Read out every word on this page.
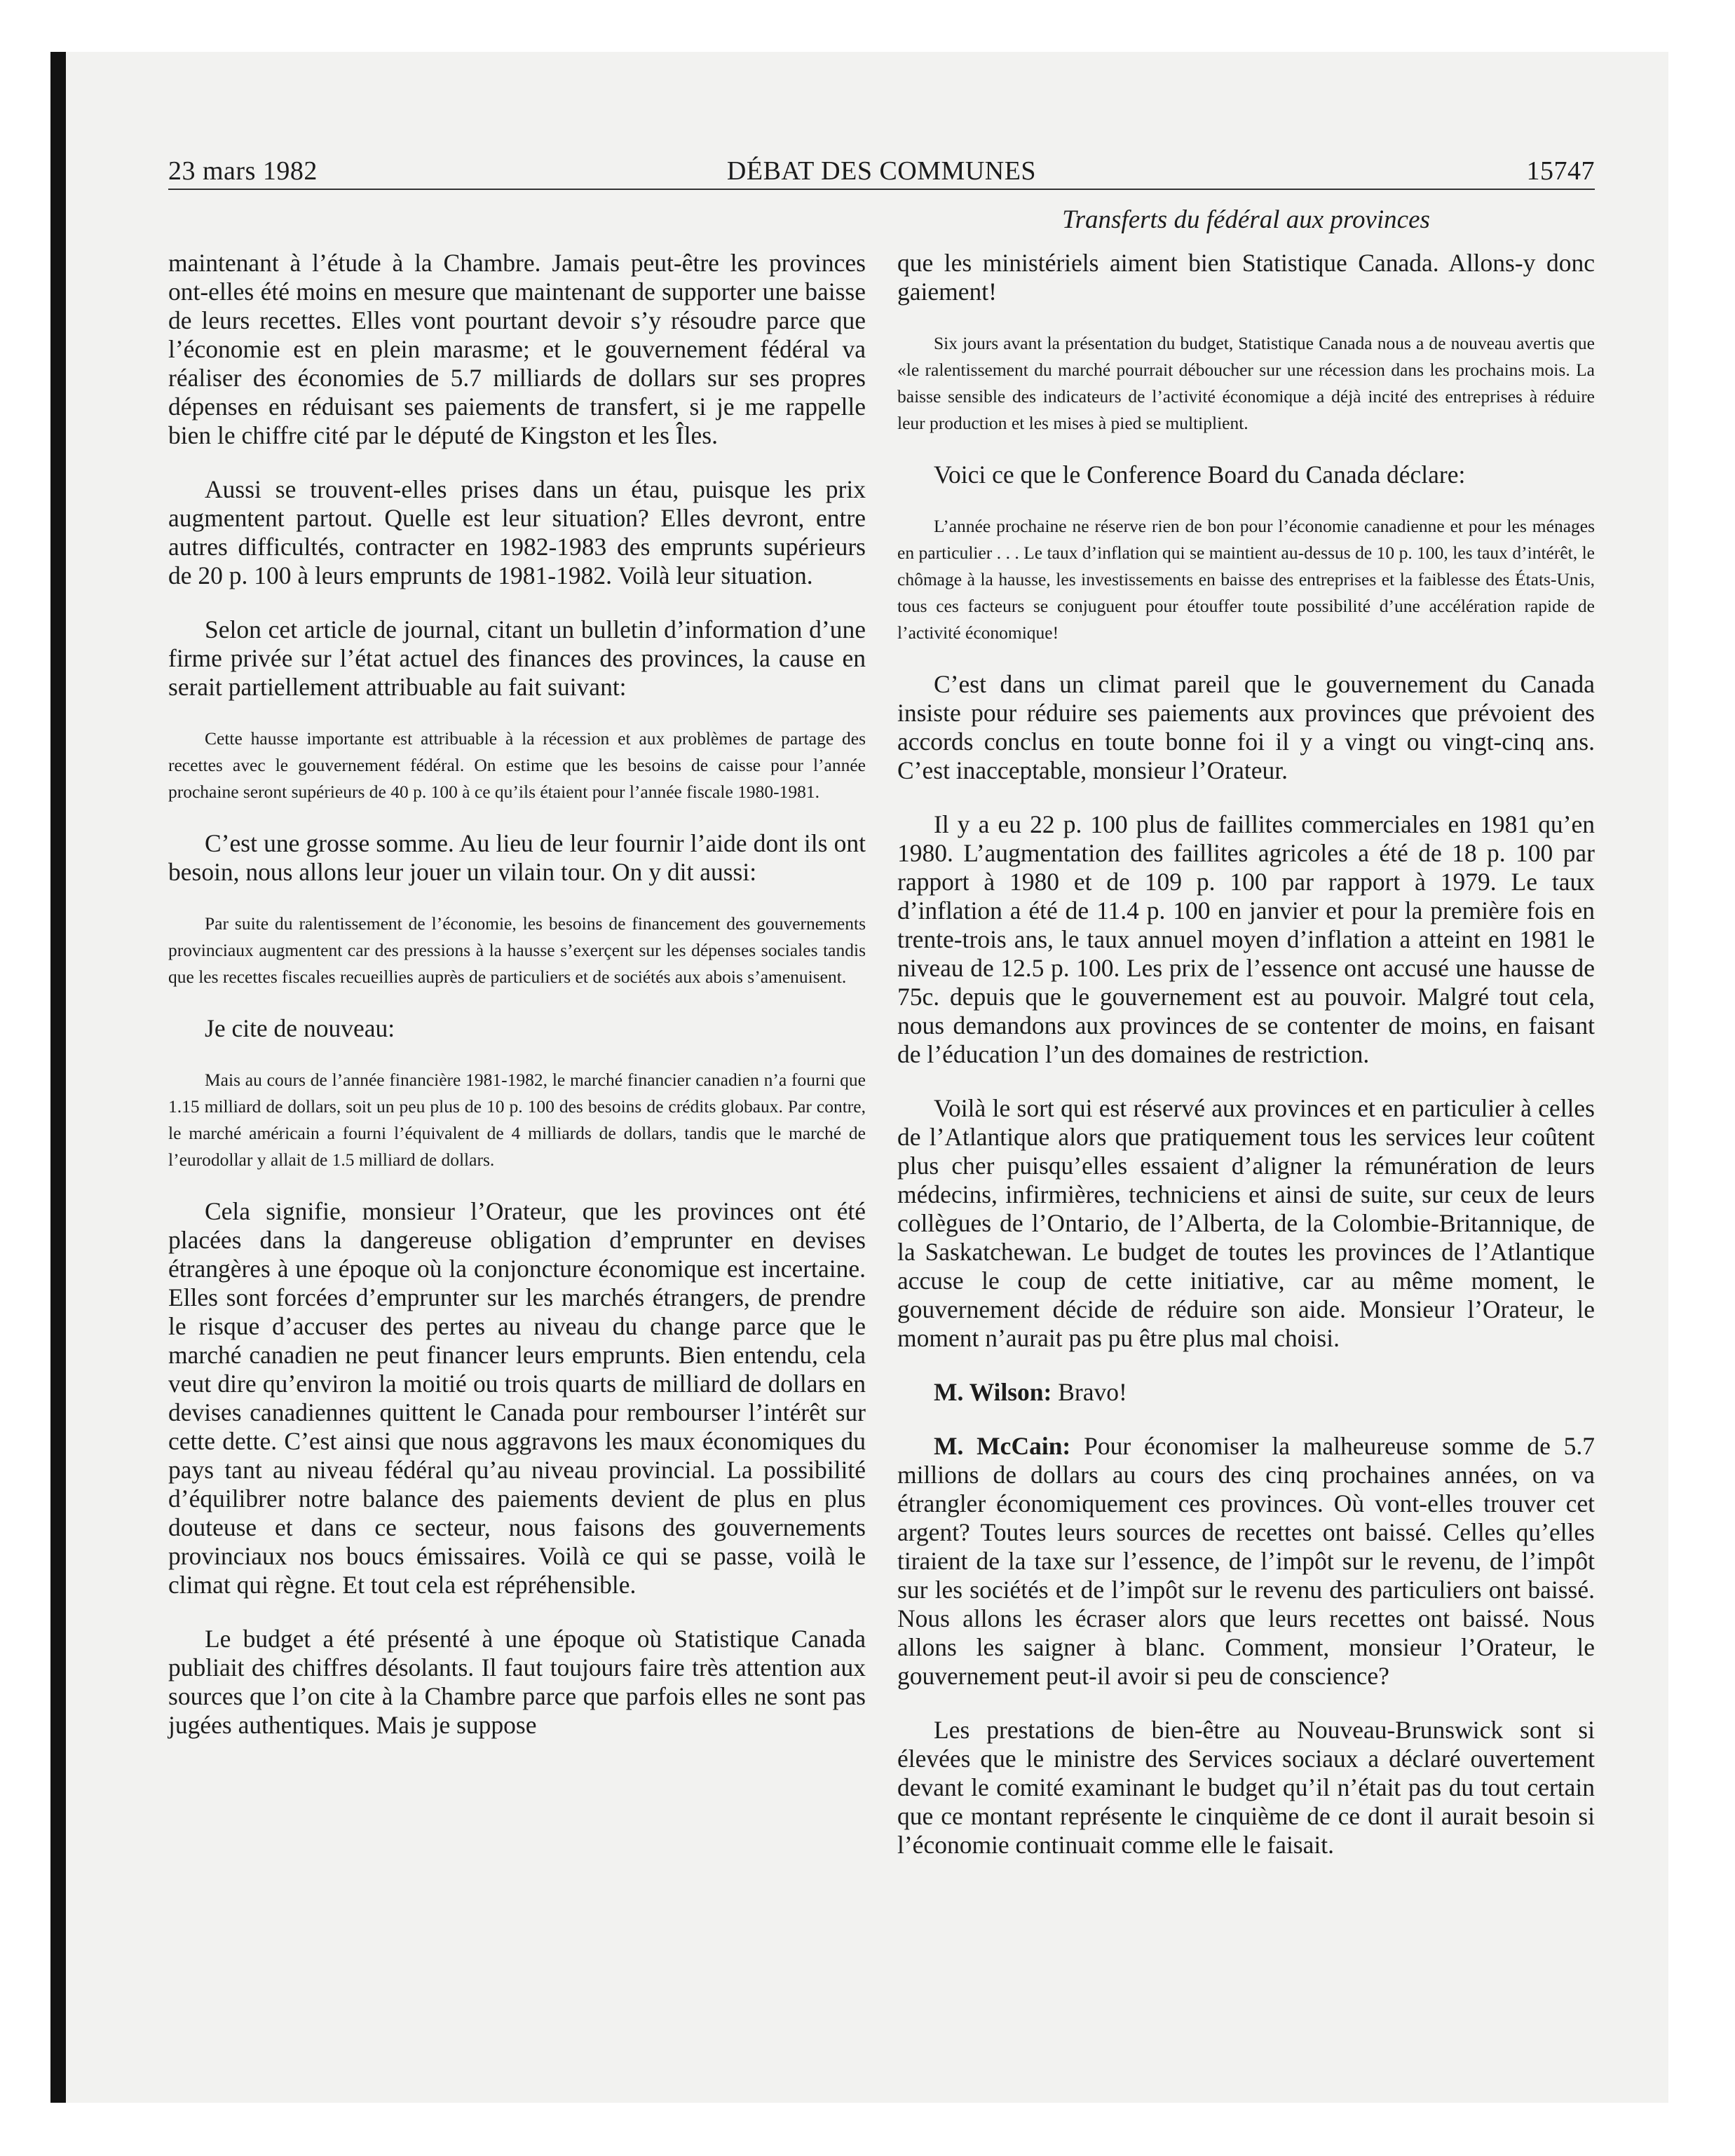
23 mars 1982	DÉBAT DES COMMUNES	15747
Transferts du fédéral aux provinces

maintenant à l’étude à la Chambre. Jamais peut-être les provinces ont-elles été moins en mesure que maintenant de supporter une baisse de leurs recettes. Elles vont pourtant devoir s’y résoudre parce que l’économie est en plein marasme; et le gouvernement fédéral va réaliser des économies de 5.7 milliards de dollars sur ses propres dépenses en réduisant ses paiements de transfert, si je me rappelle bien le chiffre cité par le député de Kingston et les Îles.

Aussi se trouvent-elles prises dans un étau, puisque les prix augmentent partout. Quelle est leur situation? Elles devront, entre autres difficultés, contracter en 1982-1983 des emprunts supérieurs de 20 p. 100 à leurs emprunts de 1981-1982. Voilà leur situation.

Selon cet article de journal, citant un bulletin d’information d’une firme privée sur l’état actuel des finances des provinces, la cause en serait partiellement attribuable au fait suivant:

Cette hausse importante est attribuable à la récession et aux problèmes de partage des recettes avec le gouvernement fédéral. On estime que les besoins de caisse pour l’année prochaine seront supérieurs de 40 p. 100 à ce qu’ils étaient pour l’année fiscale 1980-1981.

C’est une grosse somme. Au lieu de leur fournir l’aide dont ils ont besoin, nous allons leur jouer un vilain tour. On y dit aussi:

Par suite du ralentissement de l’économie, les besoins de financement des gouvernements provinciaux augmentent car des pressions à la hausse s’exerçent sur les dépenses sociales tandis que les recettes fiscales recueillies auprès de particuliers et de sociétés aux abois s’amenuisent.

Je cite de nouveau:

Mais au cours de l’année financière 1981-1982, le marché financier canadien n’a fourni que 1.15 milliard de dollars, soit un peu plus de 10 p. 100 des besoins de crédits globaux. Par contre, le marché américain a fourni l’équivalent de 4 milliards de dollars, tandis que le marché de l’eurodollar y allait de 1.5 milliard de dollars.

Cela signifie, monsieur l’Orateur, que les provinces ont été placées dans la dangereuse obligation d’emprunter en devises étrangères à une époque où la conjoncture économique est incertaine. Elles sont forcées d’emprunter sur les marchés étrangers, de prendre le risque d’accuser des pertes au niveau du change parce que le marché canadien ne peut financer leurs emprunts. Bien entendu, cela veut dire qu’environ la moitié ou trois quarts de milliard de dollars en devises canadiennes quittent le Canada pour rembourser l’intérêt sur cette dette. C’est ainsi que nous aggravons les maux économiques du pays tant au niveau fédéral qu’au niveau provincial. La possibilité d’équilibrer notre balance des paiements devient de plus en plus douteuse et dans ce secteur, nous faisons des gouvernements provinciaux nos boucs émissaires. Voilà ce qui se passe, voilà le climat qui règne. Et tout cela est répréhensible.

Le budget a été présenté à une époque où Statistique Canada publiait des chiffres désolants. Il faut toujours faire très attention aux sources que l’on cite à la Chambre parce que parfois elles ne sont pas jugées authentiques. Mais je suppose

que les ministériels aiment bien Statistique Canada. Allons-y donc gaiement!

Six jours avant la présentation du budget, Statistique Canada nous a de nouveau avertis que «le ralentissement du marché pourrait déboucher sur une récession dans les prochains mois. La baisse sensible des indicateurs de l’activité économique a déjà incité des entreprises à réduire leur production et les mises à pied se multiplient.

Voici ce que le Conference Board du Canada déclare:

L’année prochaine ne réserve rien de bon pour l’économie canadienne et pour les ménages en particulier . . . Le taux d’inflation qui se maintient au-dessus de 10 p. 100, les taux d’intérêt, le chômage à la hausse, les investissements en baisse des entreprises et la faiblesse des États-Unis, tous ces facteurs se conjuguent pour étouffer toute possibilité d’une accélération rapide de l’activité économique!

C’est dans un climat pareil que le gouvernement du Canada insiste pour réduire ses paiements aux provinces que prévoient des accords conclus en toute bonne foi il y a vingt ou vingt-cinq ans. C’est inacceptable, monsieur l’Orateur.

Il y a eu 22 p. 100 plus de faillites commerciales en 1981 qu’en 1980. L’augmentation des faillites agricoles a été de 18 p. 100 par rapport à 1980 et de 109 p. 100 par rapport à 1979. Le taux d’inflation a été de 11.4 p. 100 en janvier et pour la première fois en trente-trois ans, le taux annuel moyen d’inflation a atteint en 1981 le niveau de 12.5 p. 100. Les prix de l’essence ont accusé une hausse de 75c. depuis que le gouvernement est au pouvoir. Malgré tout cela, nous demandons aux provinces de se contenter de moins, en faisant de l’éducation l’un des domaines de restriction.

Voilà le sort qui est réservé aux provinces et en particulier à celles de l’Atlantique alors que pratiquement tous les services leur coûtent plus cher puisqu’elles essaient d’aligner la rémunération de leurs médecins, infirmières, techniciens et ainsi de suite, sur ceux de leurs collègues de l’Ontario, de l’Alberta, de la Colombie-Britannique, de la Saskatchewan. Le budget de toutes les provinces de l’Atlantique accuse le coup de cette initiative, car au même moment, le gouvernement décide de réduire son aide. Monsieur l’Orateur, le moment n’aurait pas pu être plus mal choisi.

M. Wilson: Bravo!

M. McCain: Pour économiser la malheureuse somme de 5.7 millions de dollars au cours des cinq prochaines années, on va étrangler économiquement ces provinces. Où vont-elles trouver cet argent? Toutes leurs sources de recettes ont baissé. Celles qu’elles tiraient de la taxe sur l’essence, de l’impôt sur le revenu, de l’impôt sur les sociétés et de l’impôt sur le revenu des particuliers ont baissé. Nous allons les écraser alors que leurs recettes ont baissé. Nous allons les saigner à blanc. Comment, monsieur l’Orateur, le gouvernement peut-il avoir si peu de conscience?

Les prestations de bien-être au Nouveau-Brunswick sont si élevées que le ministre des Services sociaux a déclaré ouvertement devant le comité examinant le budget qu’il n’était pas du tout certain que ce montant représente le cinquième de ce dont il aurait besoin si l’économie continuait comme elle le faisait.
